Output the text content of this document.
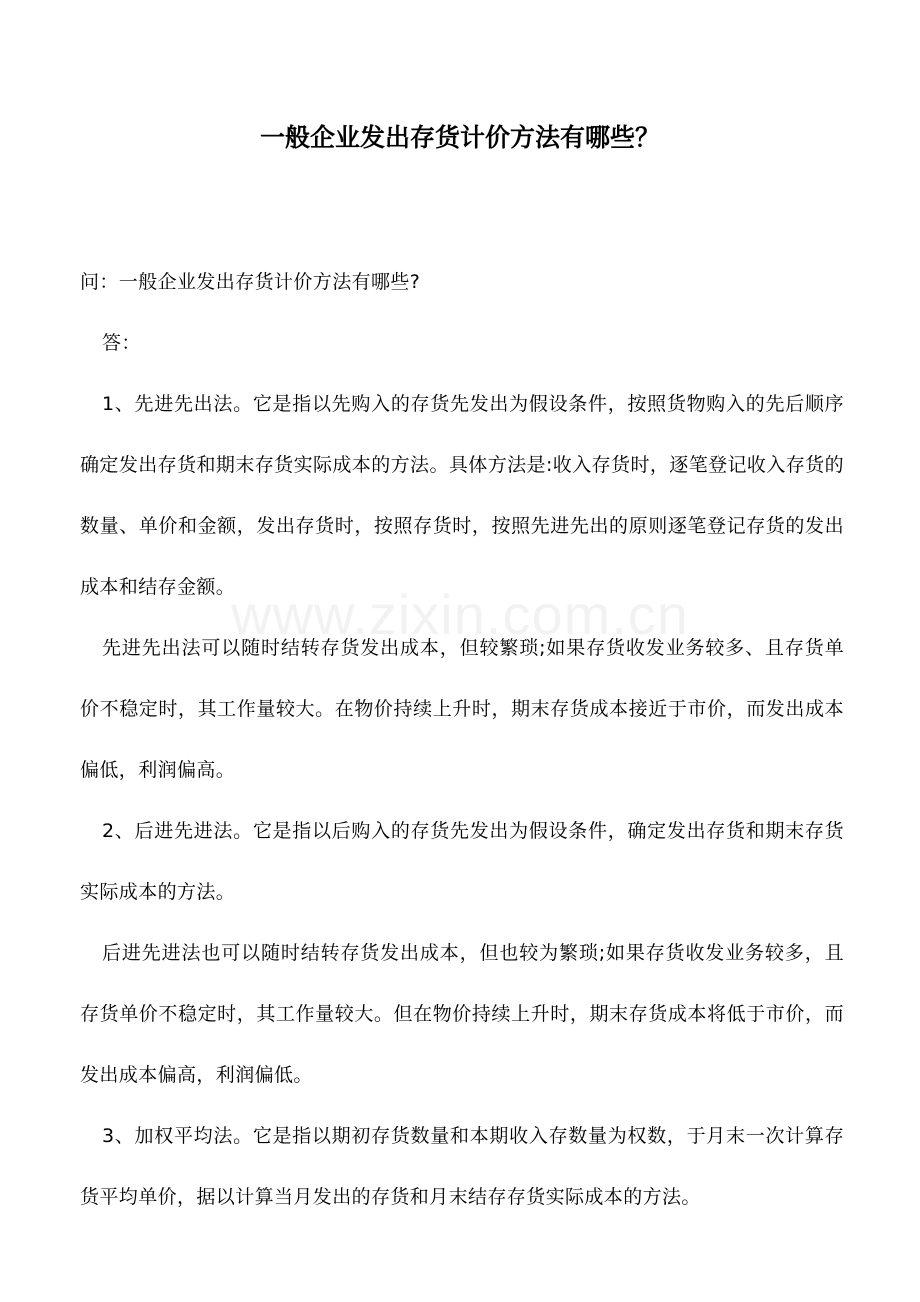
一般企业发出存货计价方法有哪些？
www.zixin.com.cn

问：一般企业发出存货计价方法有哪些?

答：

1、先进先出法。它是指以先购入的存货先发出为假设条件，按照货物购入的先后顺序确定发出存货和期末存货实际成本的方法。具体方法是:收入存货时，逐笔登记收入存货的数量、单价和金额，发出存货时，按照存货时，按照先进先出的原则逐笔登记存货的发出成本和结存金额。

先进先出法可以随时结转存货发出成本，但较繁琐;如果存货收发业务较多、且存货单价不稳定时，其工作量较大。在物价持续上升时，期末存货成本接近于市价，而发出成本偏低，利润偏高。

2、后进先进法。它是指以后购入的存货先发出为假设条件，确定发出存货和期末存货实际成本的方法。

后进先进法也可以随时结转存货发出成本，但也较为繁琐;如果存货收发业务较多，且存货单价不稳定时，其工作量较大。但在物价持续上升时，期末存货成本将低于市价，而发出成本偏高，利润偏低。

3、加权平均法。它是指以期初存货数量和本期收入存数量为权数，于月末一次计算存货平均单价，据以计算当月发出的存货和月末结存存货实际成本的方法。
